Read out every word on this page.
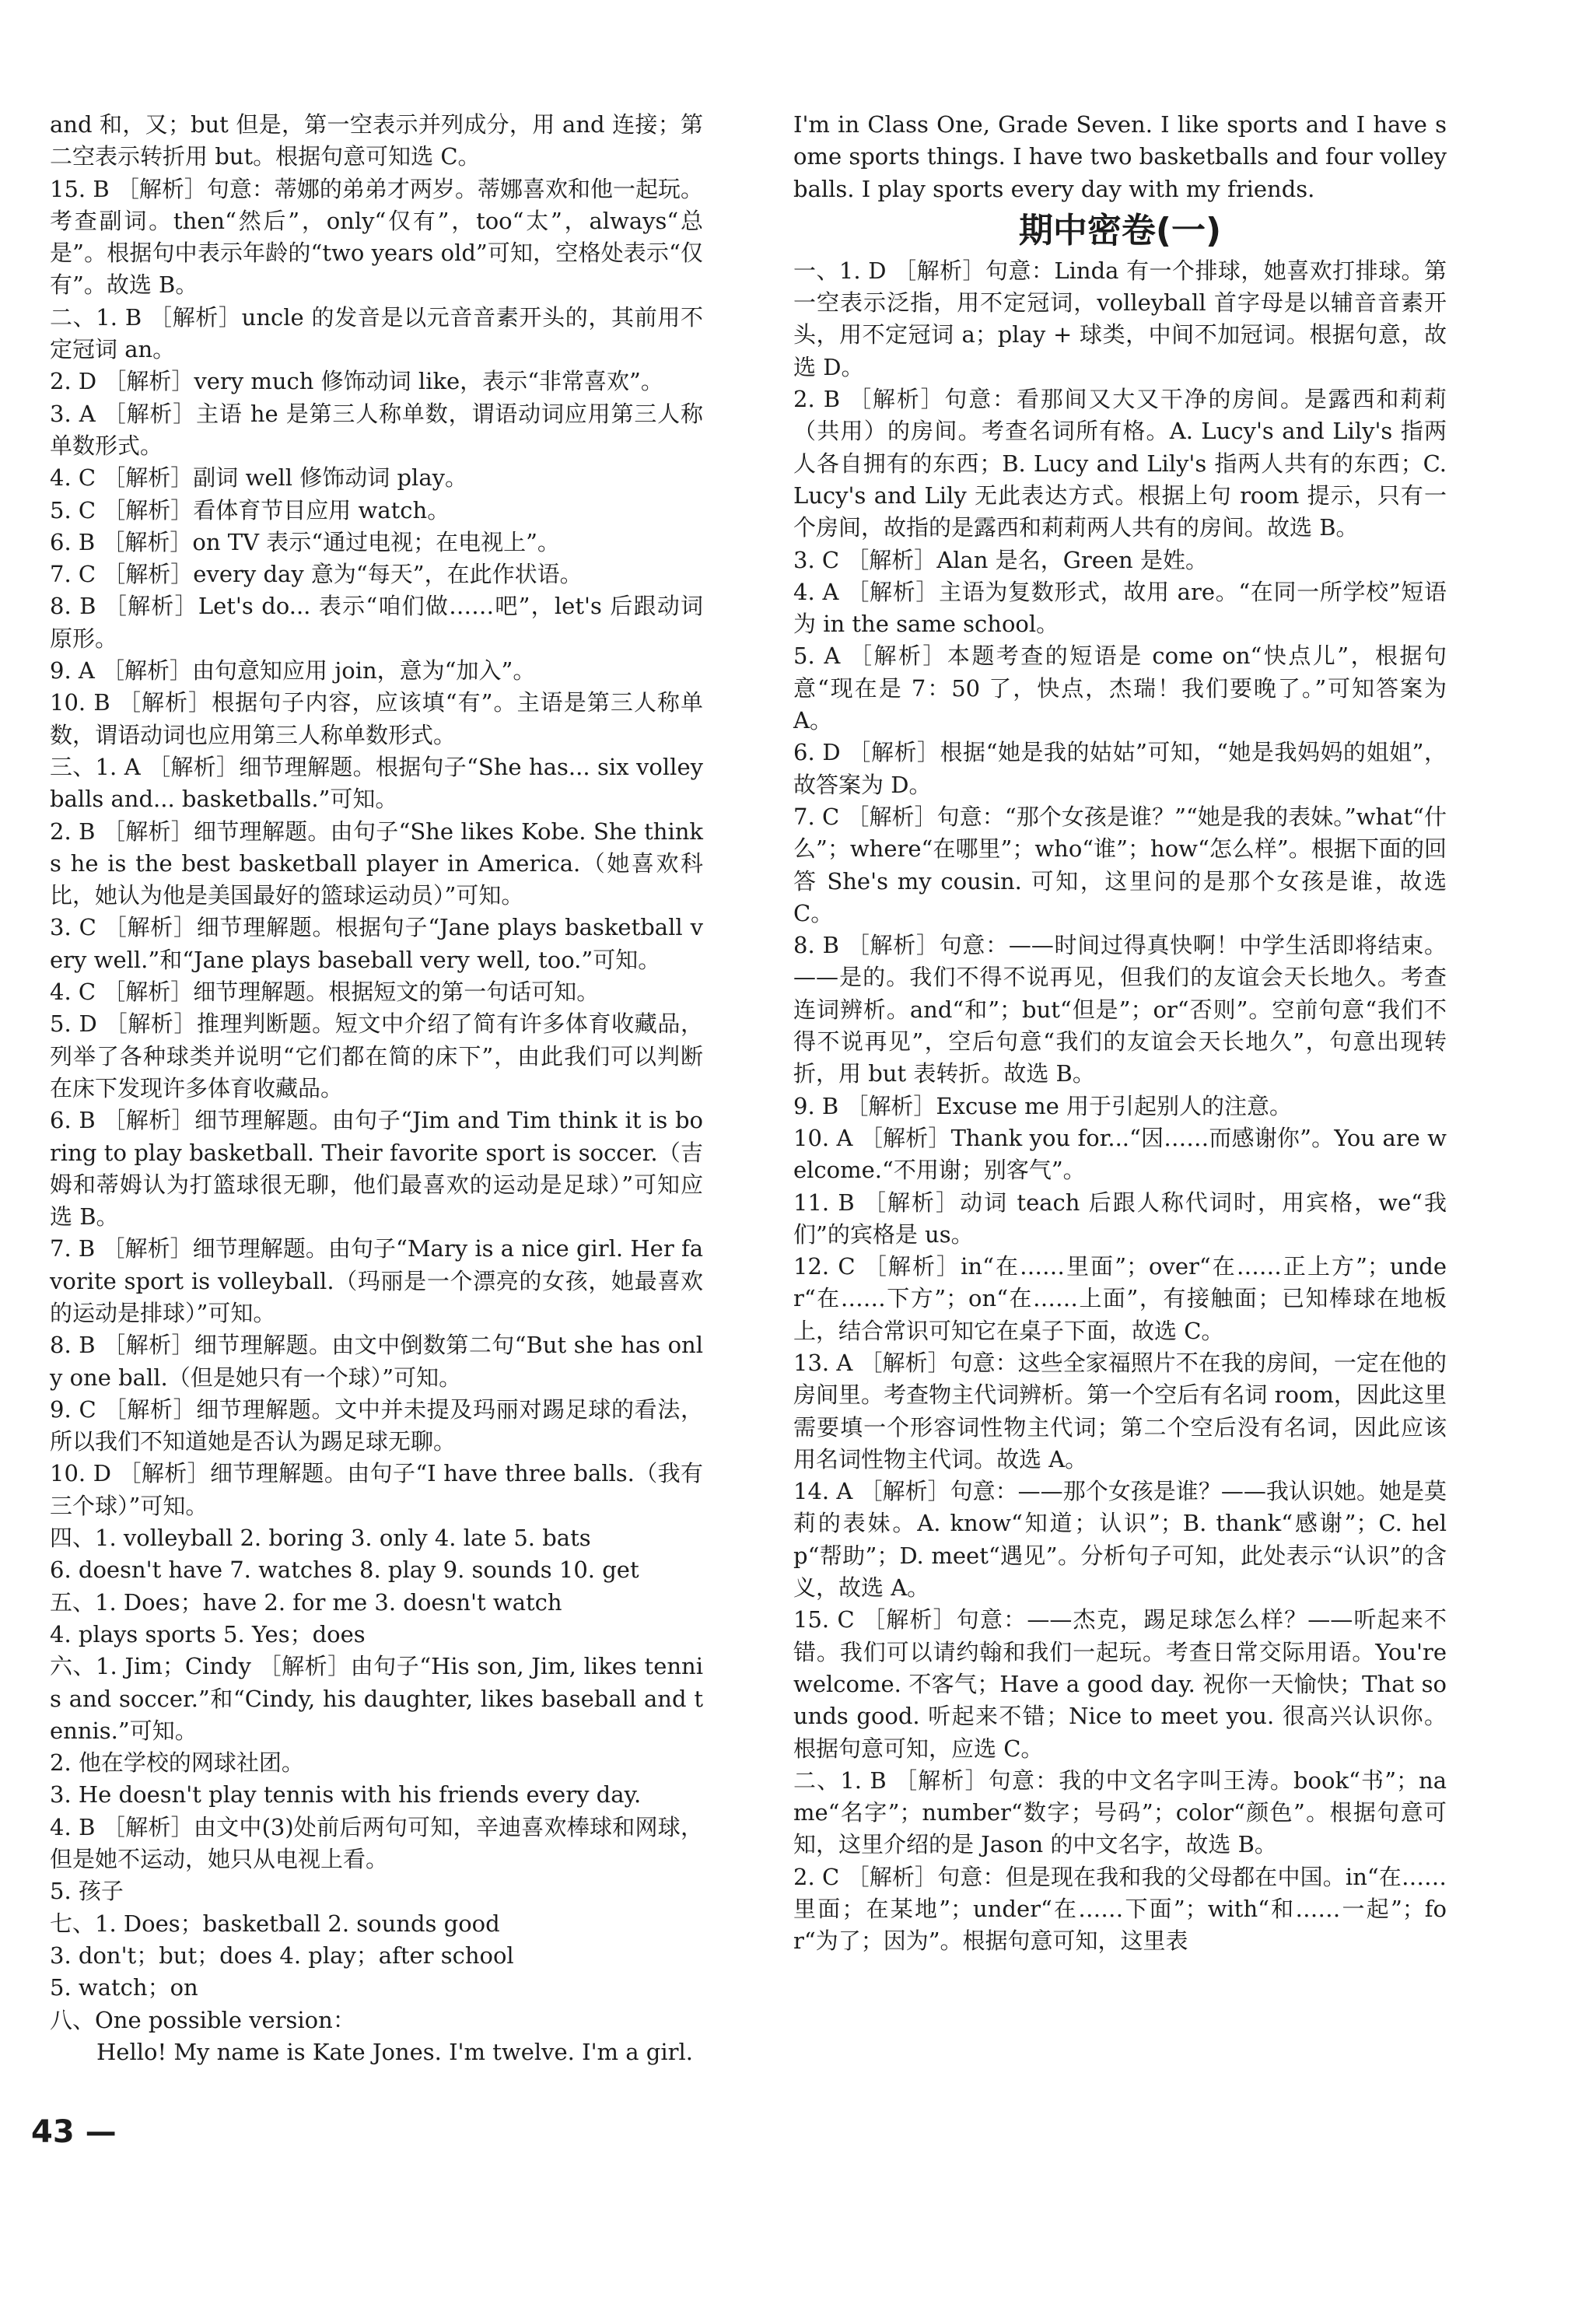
and 和，又；but 但是，第一空表示并列成分，用 and 连接；第二空表示转折用 but。根据句意可知选 C。

15. B ［解析］句意：蒂娜的弟弟才两岁。蒂娜喜欢和他一起玩。考查副词。then“然后”，only“仅有”，too“太”，always“总是”。根据句中表示年龄的“two years old”可知，空格处表示“仅有”。故选 B。

二、1. B ［解析］uncle 的发音是以元音音素开头的，其前用不定冠词 an。

2. D ［解析］very much 修饰动词 like，表示“非常喜欢”。

3. A ［解析］主语 he 是第三人称单数，谓语动词应用第三人称单数形式。

4. C ［解析］副词 well 修饰动词 play。

5. C ［解析］看体育节目应用 watch。

6. B ［解析］on TV 表示“通过电视；在电视上”。

7. C ［解析］every day 意为“每天”，在此作状语。

8. B ［解析］Let's do... 表示“咱们做……吧”，let's 后跟动词原形。

9. A ［解析］由句意知应用 join，意为“加入”。

10. B ［解析］根据句子内容，应该填“有”。主语是第三人称单数，谓语动词也应用第三人称单数形式。

三、1. A ［解析］细节理解题。根据句子“She has... six volleyballs and... basketballs.”可知。

2. B ［解析］细节理解题。由句子“She likes Kobe. She thinks he is the best basketball player in America.（她喜欢科比，她认为他是美国最好的篮球运动员）”可知。

3. C ［解析］细节理解题。根据句子“Jane plays basketball very well.”和“Jane plays baseball very well, too.”可知。

4. C ［解析］细节理解题。根据短文的第一句话可知。

5. D ［解析］推理判断题。短文中介绍了简有许多体育收藏品，列举了各种球类并说明“它们都在简的床下”，由此我们可以判断在床下发现许多体育收藏品。

6. B ［解析］细节理解题。由句子“Jim and Tim think it is boring to play basketball. Their favorite sport is soccer.（吉姆和蒂姆认为打篮球很无聊，他们最喜欢的运动是足球）”可知应选 B。

7. B ［解析］细节理解题。由句子“Mary is a nice girl. Her favorite sport is volleyball.（玛丽是一个漂亮的女孩，她最喜欢的运动是排球）”可知。

8. B ［解析］细节理解题。由文中倒数第二句“But she has only one ball.（但是她只有一个球）”可知。

9. C ［解析］细节理解题。文中并未提及玛丽对踢足球的看法，所以我们不知道她是否认为踢足球无聊。

10. D ［解析］细节理解题。由句子“I have three balls.（我有三个球）”可知。

四、1. volleyball 2. boring 3. only 4. late 5. bats

6. doesn't have 7. watches 8. play 9. sounds 10. get

五、1. Does；have 2. for me 3. doesn't watch

4. plays sports 5. Yes；does

六、1. Jim；Cindy ［解析］由句子“His son, Jim, likes tennis and soccer.”和“Cindy, his daughter, likes baseball and tennis.”可知。

2. 他在学校的网球社团。

3. He doesn't play tennis with his friends every day.

4. B ［解析］由文中(3)处前后两句可知，辛迪喜欢棒球和网球，但是她不运动，她只从电视上看。

5. 孩子

七、1. Does；basketball 2. sounds good

3. don't；but；does 4. play；after school

5. watch；on

八、One possible version：

Hello! My name is Kate Jones. I'm twelve. I'm a girl.

I'm in Class One, Grade Seven. I like sports and I have some sports things. I have two basketballs and four volleyballs. I play sports every day with my friends.

期中密卷(一)

一、1. D ［解析］句意：Linda 有一个排球，她喜欢打排球。第一空表示泛指，用不定冠词，volleyball 首字母是以辅音音素开头，用不定冠词 a；play + 球类，中间不加冠词。根据句意，故选 D。

2. B ［解析］句意：看那间又大又干净的房间。是露西和莉莉（共用）的房间。考查名词所有格。A. Lucy's and Lily's 指两人各自拥有的东西；B. Lucy and Lily's 指两人共有的东西；C. Lucy's and Lily 无此表达方式。根据上句 room 提示，只有一个房间，故指的是露西和莉莉两人共有的房间。故选 B。

3. C ［解析］Alan 是名，Green 是姓。

4. A ［解析］主语为复数形式，故用 are。“在同一所学校”短语为 in the same school。

5. A ［解析］本题考查的短语是 come on“快点儿”，根据句意“现在是 7：50 了，快点，杰瑞！我们要晚了。”可知答案为 A。

6. D ［解析］根据“她是我的姑姑”可知，“她是我妈妈的姐姐”，故答案为 D。

7. C ［解析］句意：“那个女孩是谁？”“她是我的表妹。”what“什么”；where“在哪里”；who“谁”；how“怎么样”。根据下面的回答 She's my cousin. 可知，这里问的是那个女孩是谁，故选 C。

8. B ［解析］句意：——时间过得真快啊！中学生活即将结束。——是的。我们不得不说再见，但我们的友谊会天长地久。考查连词辨析。and“和”；but“但是”；or“否则”。空前句意“我们不得不说再见”，空后句意“我们的友谊会天长地久”，句意出现转折，用 but 表转折。故选 B。

9. B ［解析］Excuse me 用于引起别人的注意。

10. A ［解析］Thank you for...“因……而感谢你”。You are welcome.“不用谢；别客气”。

11. B ［解析］动词 teach 后跟人称代词时，用宾格，we“我们”的宾格是 us。

12. C ［解析］in“在……里面”；over“在……正上方”；under“在……下方”；on“在……上面”，有接触面；已知棒球在地板上，结合常识可知它在桌子下面，故选 C。

13. A ［解析］句意：这些全家福照片不在我的房间，一定在他的房间里。考查物主代词辨析。第一个空后有名词 room，因此这里需要填一个形容词性物主代词；第二个空后没有名词，因此应该用名词性物主代词。故选 A。

14. A ［解析］句意：——那个女孩是谁？——我认识她。她是莫莉的表妹。A. know“知道；认识”；B. thank“感谢”；C. help“帮助”；D. meet“遇见”。分析句子可知，此处表示“认识”的含义，故选 A。

15. C ［解析］句意：——杰克，踢足球怎么样？——听起来不错。我们可以请约翰和我们一起玩。考查日常交际用语。You're welcome. 不客气；Have a good day. 祝你一天愉快；That sounds good. 听起来不错；Nice to meet you. 很高兴认识你。根据句意可知，应选 C。

二、1. B ［解析］句意：我的中文名字叫王涛。book“书”；name“名字”；number“数字；号码”；color“颜色”。根据句意可知，这里介绍的是 Jason 的中文名字，故选 B。

2. C ［解析］句意：但是现在我和我的父母都在中国。in“在……里面；在某地”；under“在……下面”；with“和……一起”；for“为了；因为”。根据句意可知，这里表

43 —
